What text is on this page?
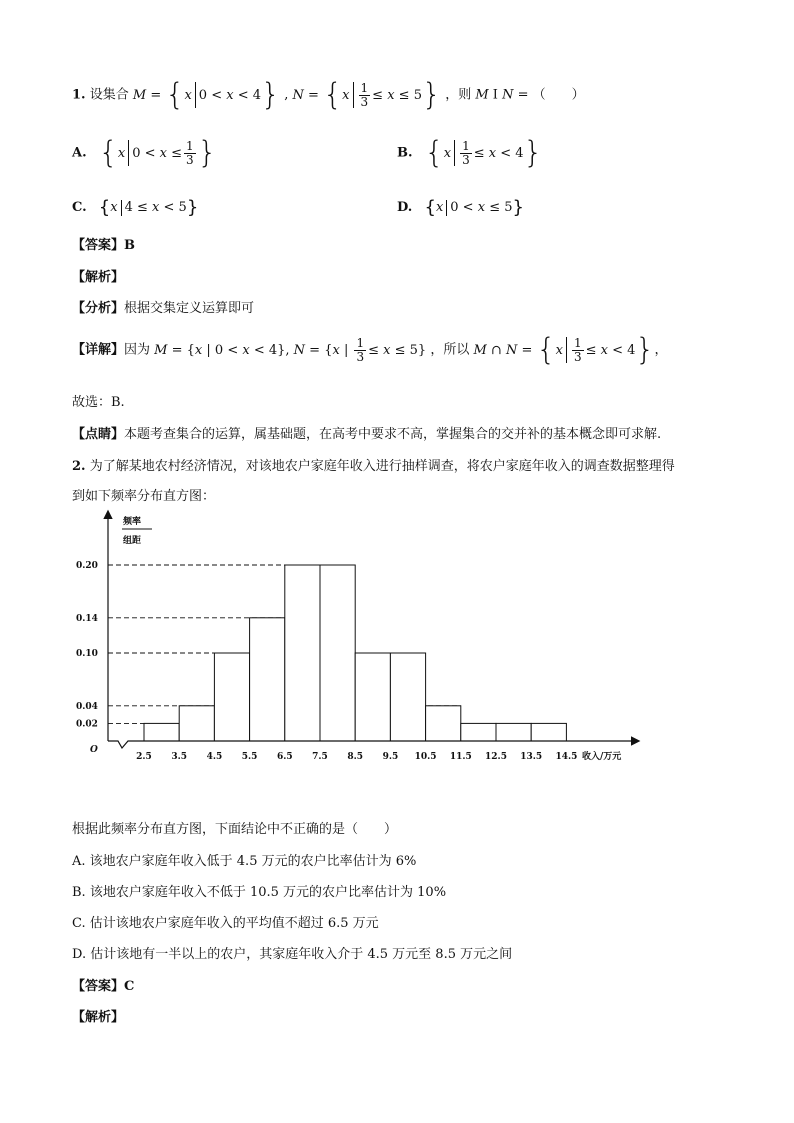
1. 设集合 M = {x 0 < x < 4} , $N = \{x \frac{1}{3} \le x \le 5\}$ ，则 M I N = （　　）
A. {x $0 < x \le \frac{1}{3}$ }	B. $\{x \frac{1}{3} \le x < 4\}$
C. {x 4 ≤ x < 5}	D. {x 0 < x ≤ 5}
【答案】B
【解析】
【分析】根据交集定义运算即可
【详解】因为 M = {x | 0 < x < 4}, N = {x | $\frac{1}{3} \le x \le 5$} ，所以 M ∩ $N = \{x \frac{1}{3} \le x < 4\}$，
故选：B.
【点睛】本题考查集合的运算，属基础题，在高考中要求不高，掌握集合的交并补的基本概念即可求解.
2. 为了解某地农村经济情况，对该地农户家庭年收入进行抽样调查，将农户家庭年收入的调查数据整理得
到如下频率分布直方图：
频率
组距
O
收入/万元
0.02
0.04
0.10
0.14
0.20
2.5 3.5 4.5 5.5 6.5 7.5 8.5 9.5 10.5 11.5 12.5 13.5 14.5
根据此频率分布直方图，下面结论中不正确的是（　　）
A. 该地农户家庭年收入低于 4.5 万元的农户比率估计为 6%
B. 该地农户家庭年收入不低于 10.5 万元的农户比率估计为 10%
C. 估计该地农户家庭年收入的平均值不超过 6.5 万元
D. 估计该地有一半以上的农户，其家庭年收入介于 4.5 万元至 8.5 万元之间
【答案】C
【解析】
